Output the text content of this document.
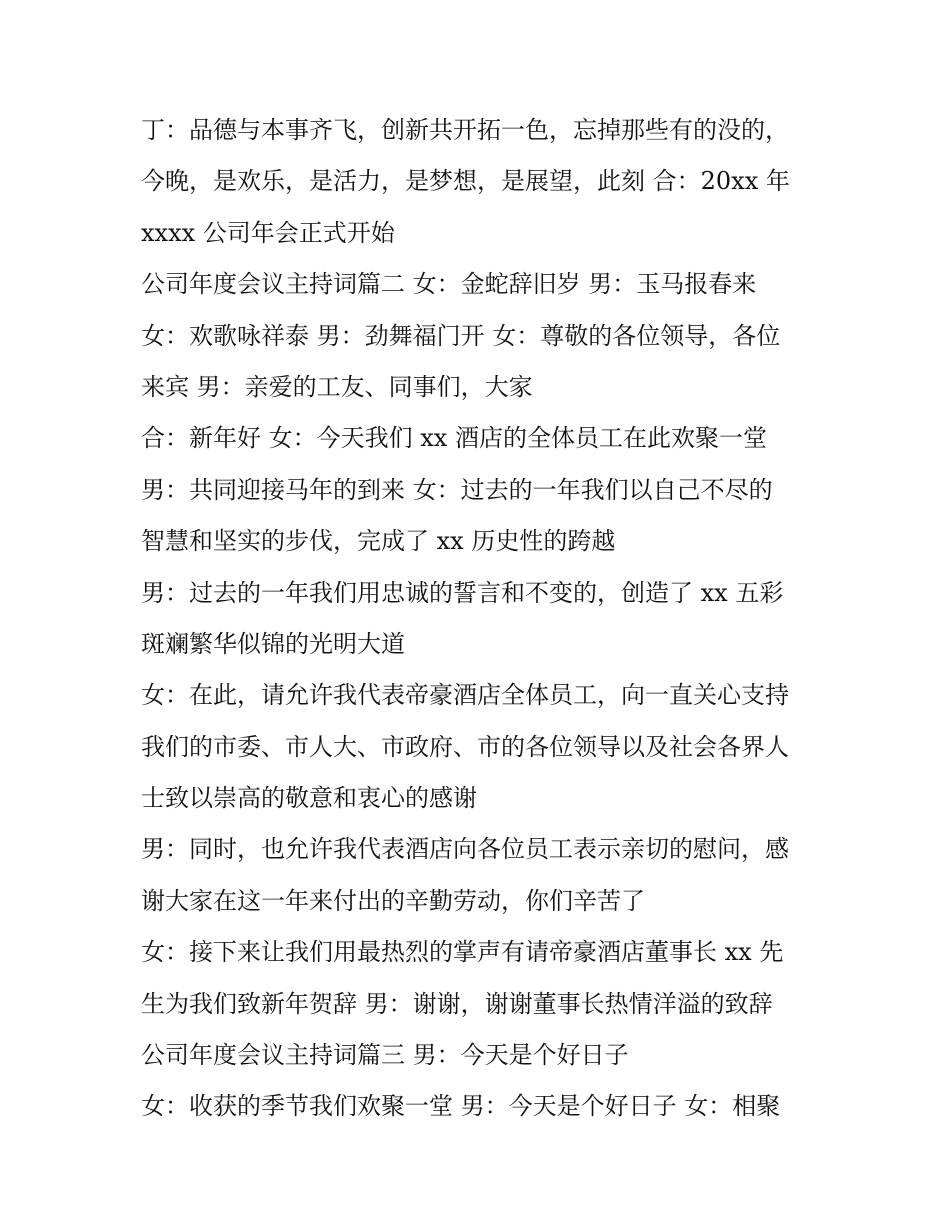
丁：品德与本事齐飞，创新共开拓一色，忘掉那些有的没的，
今晚，是欢乐，是活力，是梦想，是展望，此刻 合：20xx 年
xxxx 公司年会正式开始
公司年度会议主持词篇二 女：金蛇辞旧岁 男：玉马报春来
女：欢歌咏祥泰 男：劲舞福门开 女：尊敬的各位领导，各位
来宾 男：亲爱的工友、同事们，大家
合：新年好 女：今天我们 xx 酒店的全体员工在此欢聚一堂
男：共同迎接马年的到来 女：过去的一年我们以自己不尽的
智慧和坚实的步伐，完成了 xx 历史性的跨越
男：过去的一年我们用忠诚的誓言和不变的，创造了 xx 五彩
斑斓繁华似锦的光明大道
女：在此，请允许我代表帝豪酒店全体员工，向一直关心支持
我们的市委、市人大、市政府、市的各位领导以及社会各界人
士致以崇高的敬意和衷心的感谢
男：同时，也允许我代表酒店向各位员工表示亲切的慰问，感
谢大家在这一年来付出的辛勤劳动，你们辛苦了
女：接下来让我们用最热烈的掌声有请帝豪酒店董事长 xx 先
生为我们致新年贺辞 男：谢谢，谢谢董事长热情洋溢的致辞
公司年度会议主持词篇三 男：今天是个好日子
女：收获的季节我们欢聚一堂 男：今天是个好日子 女：相聚
